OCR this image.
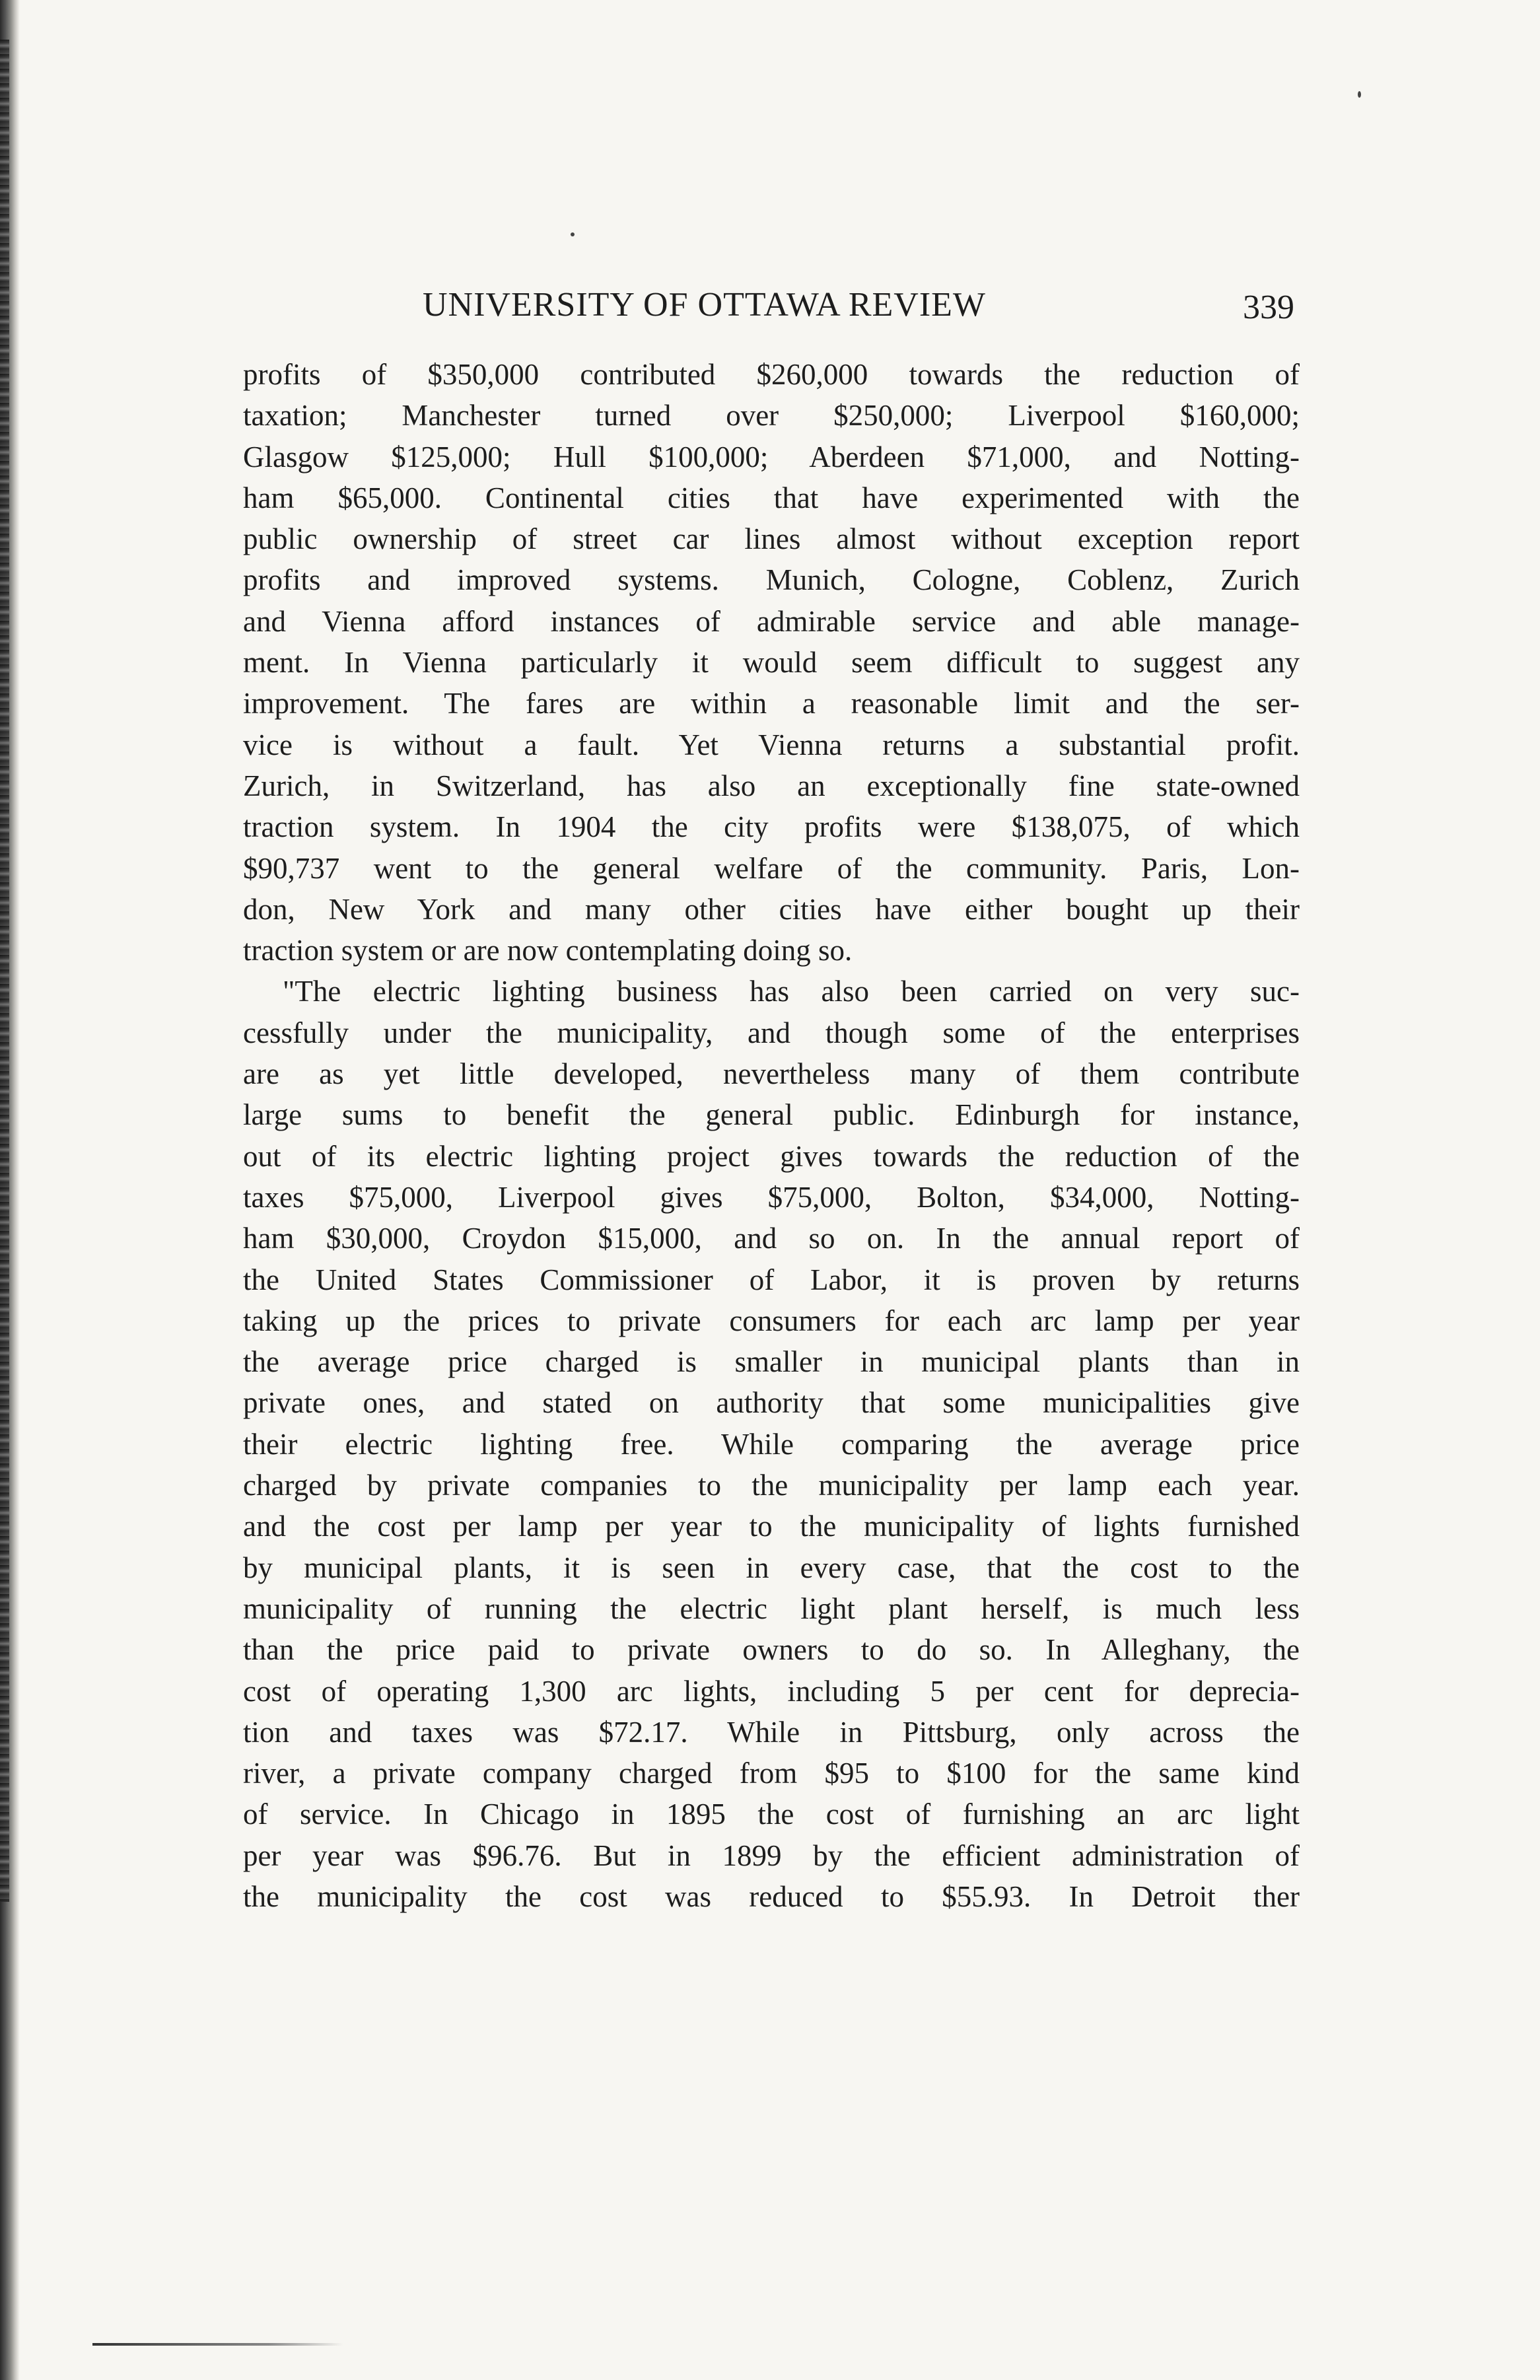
UNIVERSITY OF OTTAWA REVIEW	339
profits of $350,000 contributed $260,000 towards the reduction of
taxation; Manchester turned over $250,000; Liverpool $160,000;
Glasgow $125,000; Hull $100,000; Aberdeen $71,000, and Notting-
ham $65,000. Continental cities that have experimented with the
public ownership of street car lines almost without exception report
profits and improved systems. Munich, Cologne, Coblenz, Zurich
and Vienna afford instances of admirable service and able manage-
ment. In Vienna particularly it would seem difficult to suggest any
improvement. The fares are within a reasonable limit and the ser-
vice is without a fault. Yet Vienna returns a substantial profit.
Zurich, in Switzerland, has also an exceptionally fine state-owned
traction system. In 1904 the city profits were $138,075, of which
$90,737 went to the general welfare of the community. Paris, Lon-
don, New York and many other cities have either bought up their
traction system or are now contemplating doing so.
"The electric lighting business has also been carried on very suc-
cessfully under the municipality, and though some of the enterprises
are as yet little developed, nevertheless many of them contribute
large sums to benefit the general public. Edinburgh for instance,
out of its electric lighting project gives towards the reduction of the
taxes $75,000, Liverpool gives $75,000, Bolton, $34,000, Notting-
ham $30,000, Croydon $15,000, and so on. In the annual report of
the United States Commissioner of Labor, it is proven by returns
taking up the prices to private consumers for each arc lamp per year
the average price charged is smaller in municipal plants than in
private ones, and stated on authority that some municipalities give
their electric lighting free. While comparing the average price
charged by private companies to the municipality per lamp each year.
and the cost per lamp per year to the municipality of lights furnished
by municipal plants, it is seen in every case, that the cost to the
municipality of running the electric light plant herself, is much less
than the price paid to private owners to do so. In Alleghany, the
cost of operating 1,300 arc lights, including 5 per cent for deprecia-
tion and taxes was $72.17. While in Pittsburg, only across the
river, a private company charged from $95 to $100 for the same kind
of service. In Chicago in 1895 the cost of furnishing an arc light
per year was $96.76. But in 1899 by the efficient administration of
the municipality the cost was reduced to $55.93. In Detroit ther
